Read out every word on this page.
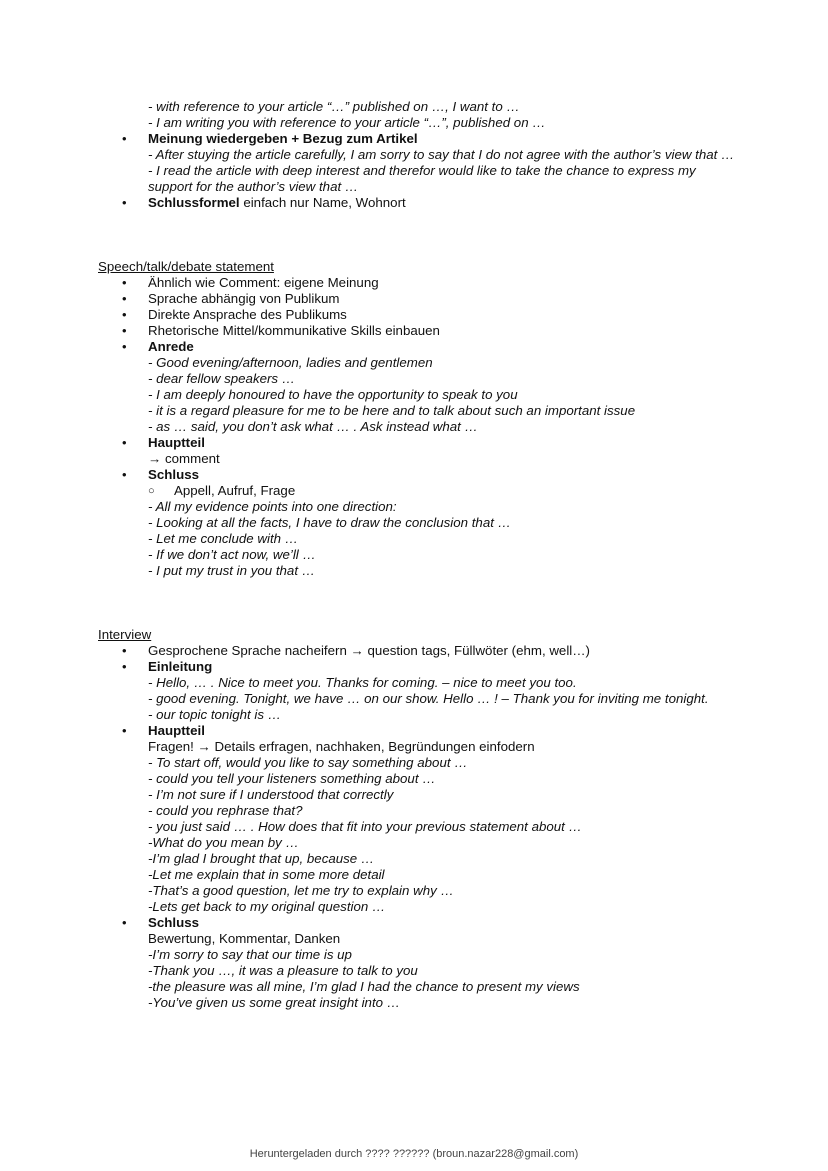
- with reference to your article “…” published on …, I want to …
- I am writing you with reference to your article “…”, published on …
• Meinung wiedergeben + Bezug zum Artikel
- After stuying the article carefully, I am sorry to say that I do not agree with the author’s view that …
- I read the article with deep interest and therefor would like to take the chance to express my support for the author’s view that …
• Schlussformel einfach nur Name, Wohnort
Speech/talk/debate statement
• Ähnlich wie Comment: eigene Meinung
• Sprache abhängig von Publikum
• Direkte Ansprache des Publikums
• Rhetorische Mittel/kommunikative Skills einbauen
• Anrede
- Good evening/afternoon, ladies and gentlemen
- dear fellow speakers …
- I am deeply honoured to have the opportunity to speak to you
- it is a regard pleasure for me to be here and to talk about such an important issue
- as … said, you don’t ask what … . Ask instead what …
• Hauptteil
→ comment
• Schluss
○ Appell, Aufruf, Frage
- All my evidence points into one direction:
- Looking at all the facts, I have to draw the conclusion that …
- Let me conclude with …
- If we don’t act now, we’ll …
- I put my trust in you that …
Interview
• Gesprochene Sprache nacheifern → question tags, Füllwöter (ehm, well…)
• Einleitung
- Hello, … . Nice to meet you. Thanks for coming. – nice to meet you too.
- good evening. Tonight, we have … on our show. Hello … ! – Thank you for inviting me tonight.
- our topic tonight is …
• Hauptteil
Fragen! → Details erfragen, nachhaken, Begründungen einfodern
- To start off, would you like to say something about …
- could you tell your listeners something about …
- I’m not sure if I understood that correctly
- could you rephrase that?
- you just said … . How does that fit into your previous statement about …
-What do you mean by …
-I’m glad I brought that up, because …
-Let me explain that in some more detail
-That’s a good question, let me try to explain why …
-Lets get back to my original question …
• Schluss
Bewertung, Kommentar, Danken
-I’m sorry to say that our time is up
-Thank you …, it was a pleasure to talk to you
-the pleasure was all mine, I’m glad I had the chance to present my views
-You’ve given us some great insight into …
Heruntergeladen durch ???? ?????? (broun.nazar228@gmail.com)
